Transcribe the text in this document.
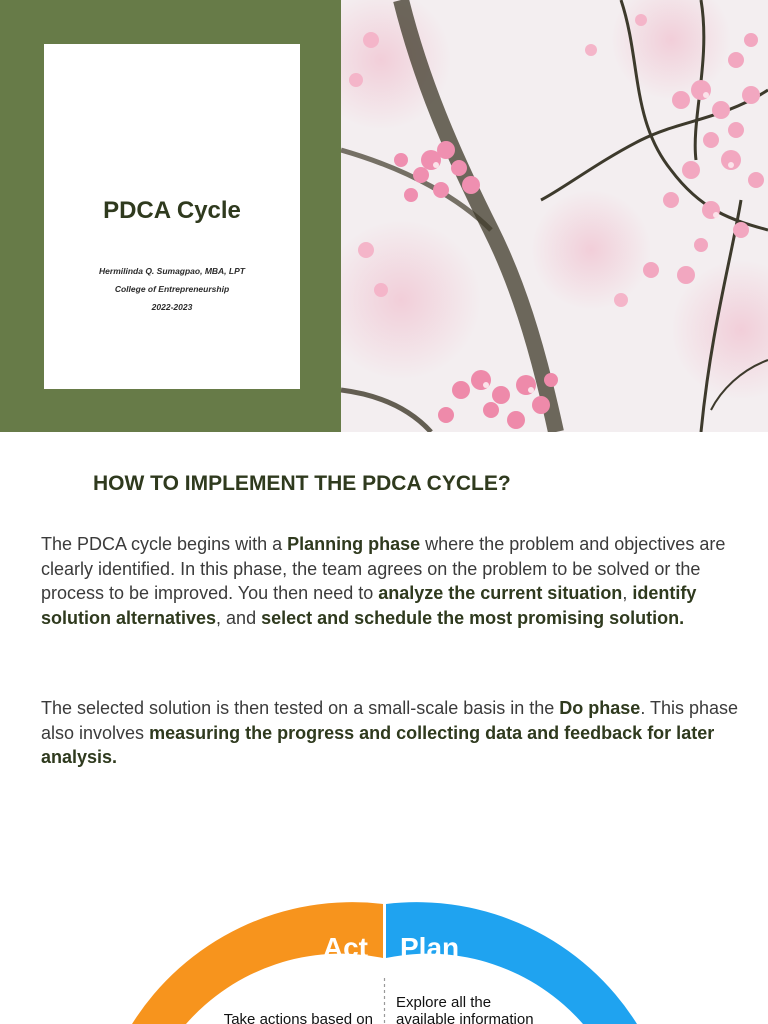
PDCA Cycle
Hermilinda Q. Sumagpao, MBA, LPT
College of Entrepreneurship
2022-2023
HOW TO IMPLEMENT THE PDCA CYCLE?
The PDCA cycle begins with a Planning phase where the problem and objectives are clearly identified. In this phase, the team agrees on the problem to be solved or the process to be improved. You then need to analyze the current situation, identify solution alternatives, and select and schedule the most promising solution.
The selected solution is then tested on a small-scale basis in the Do phase. This phase also involves measuring the progress and collecting data and feedback for later analysis.
Act Plan
Take actions based on
Explore all the
available information
